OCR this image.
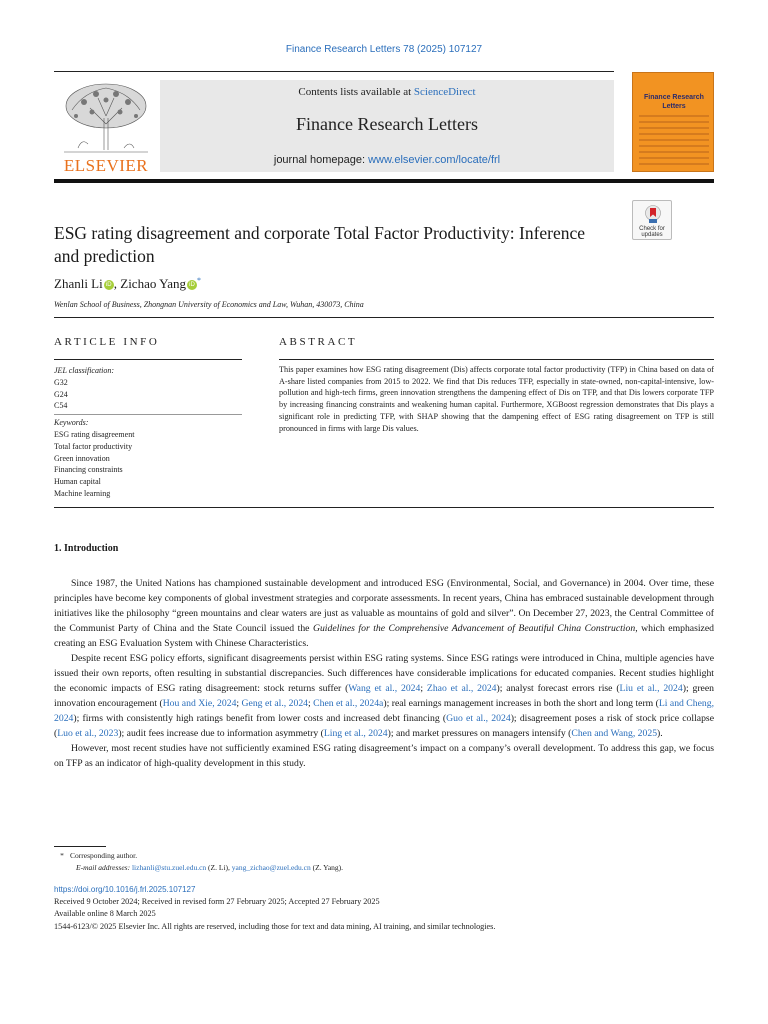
Finance Research Letters 78 (2025) 107127
ELSEVIER
Contents lists available at ScienceDirect
Finance Research Letters
journal homepage: www.elsevier.com/locate/frl
Finance Research Letters
ESG rating disagreement and corporate Total Factor Productivity: Inference and prediction
Check for updates
Zhanli Li iD , Zichao Yang iD *
Wenlan School of Business, Zhongnan University of Economics and Law, Wuhan, 430073, China
ARTICLE INFO	ABSTRACT
JEL classification:
G32
G24
C54
Keywords:
ESG rating disagreement
Total factor productivity
Green innovation
Financing constraints
Human capital
Machine learning
This paper examines how ESG rating disagreement (Dis) affects corporate total factor productivity (TFP) in China based on data of A-share listed companies from 2015 to 2022. We find that Dis reduces TFP, especially in state-owned, non-capital-intensive, low-pollution and high-tech firms, green innovation strengthens the dampening effect of Dis on TFP, and that Dis lowers corporate TFP by increasing financing constraints and weakening human capital. Furthermore, XGBoost regression demonstrates that Dis plays a significant role in predicting TFP, with SHAP showing that the dampening effect of ESG rating disagreement on TFP is still pronounced in firms with large Dis values.
1. Introduction

Since 1987, the United Nations has championed sustainable development and introduced ESG (Environmental, Social, and Governance) in 2004. Over time, these principles have become key components of global investment strategies and corporate assessments. In recent years, China has embraced sustainable development through initiatives like the philosophy “green mountains and clear waters are just as valuable as mountains of gold and silver”. On December 27, 2023, the Central Committee of the Communist Party of China and the State Council issued the Guidelines for the Comprehensive Advancement of Beautiful China Construction, which emphasized creating an ESG Evaluation System with Chinese Characteristics.

Despite recent ESG policy efforts, significant disagreements persist within ESG rating systems. Since ESG ratings were introduced in China, multiple agencies have issued their own reports, often resulting in substantial discrepancies. Such differences have considerable implications for educated companies. Recent studies highlight the economic impacts of ESG rating disagreement: stock returns suffer (Wang et al., 2024; Zhao et al., 2024); analyst forecast errors rise (Liu et al., 2024); green innovation encouragement (Hou and Xie, 2024; Geng et al., 2024; Chen et al., 2024a); real earnings management increases in both the short and long term (Li and Cheng, 2024); firms with consistently high ratings benefit from lower costs and increased debt financing (Guo et al., 2024); disagreement poses a risk of stock price collapse (Luo et al., 2023); audit fees increase due to information asymmetry (Ling et al., 2024); and market pressures on managers intensify (Chen and Wang, 2025).

However, most recent studies have not sufficiently examined ESG rating disagreement’s impact on a company’s overall development. To address this gap, we focus on TFP as an indicator of high-quality development in this study.

* Corresponding author.
E-mail addresses: lizhanli@stu.zuel.edu.cn (Z. Li), yang_zichao@zuel.edu.cn (Z. Yang).
https://doi.org/10.1016/j.frl.2025.107127
Received 9 October 2024; Received in revised form 27 February 2025; Accepted 27 February 2025
Available online 8 March 2025
1544-6123/© 2025 Elsevier Inc. All rights are reserved, including those for text and data mining, AI training, and similar technologies.
